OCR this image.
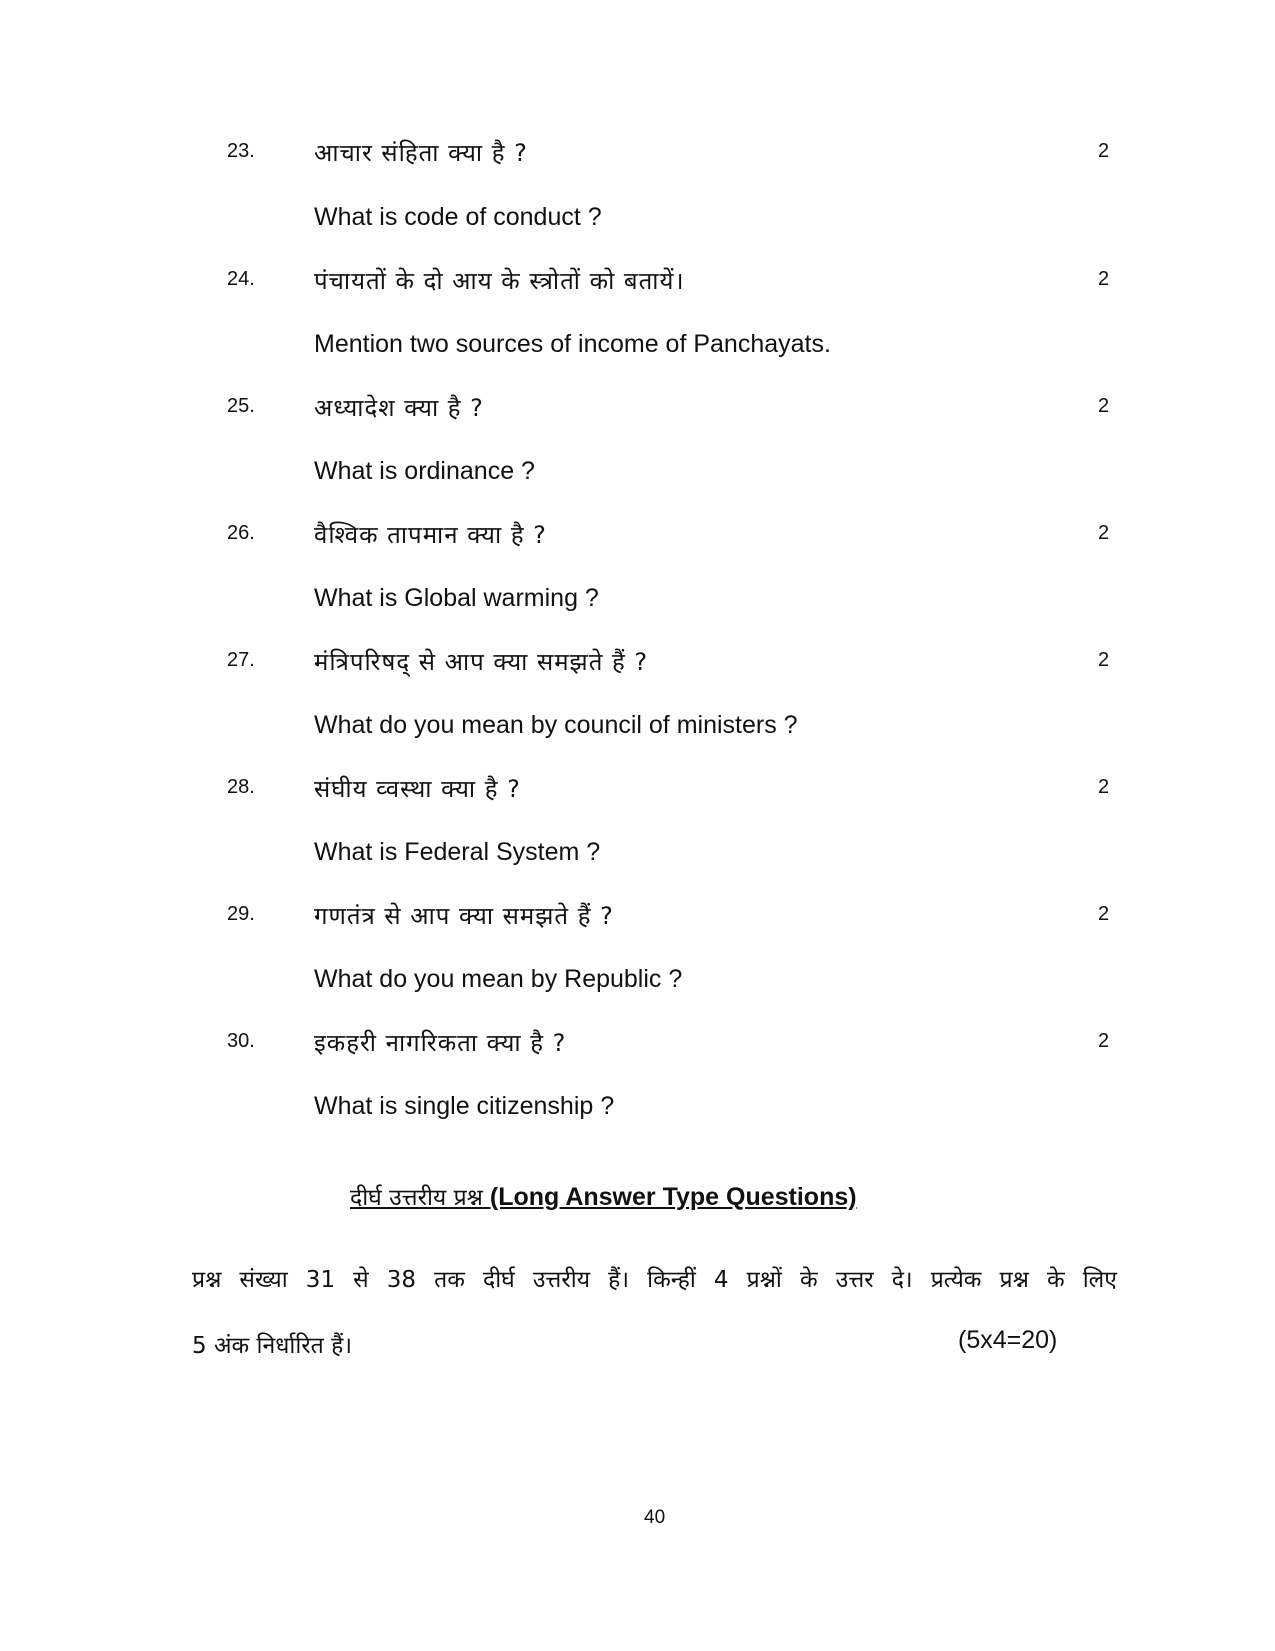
23. आचार संहिता क्या है ?	2
What is code of conduct ?
24. पंचायतों के दो आय के स्त्रोतों को बतायें।	2
Mention two sources of income of Panchayats.
25. अध्यादेश क्या है ?	2
What is ordinance ?
26. वैश्विक तापमान क्या है ?	2
What is Global warming ?
27. मंत्रिपरिषद् से आप क्या समझते हैं ?	2
What do you mean by council of ministers ?
28. संघीय व्वस्था क्या है ?	2
What is Federal System ?
29. गणतंत्र से आप क्या समझते हैं ?	2
What do you mean by Republic ?
30. इकहरी नागरिकता क्या है ?	2
What is single citizenship ?
दीर्घ उत्तरीय प्रश्न (Long Answer Type Questions)
प्रश्न संख्या 31 से 38 तक दीर्घ उत्तरीय हैं। किन्हीं 4 प्रश्नों के उत्तर दे। प्रत्येक प्रश्न के लिए
5 अंक निर्धारित हैं।	(5x4=20)
40
